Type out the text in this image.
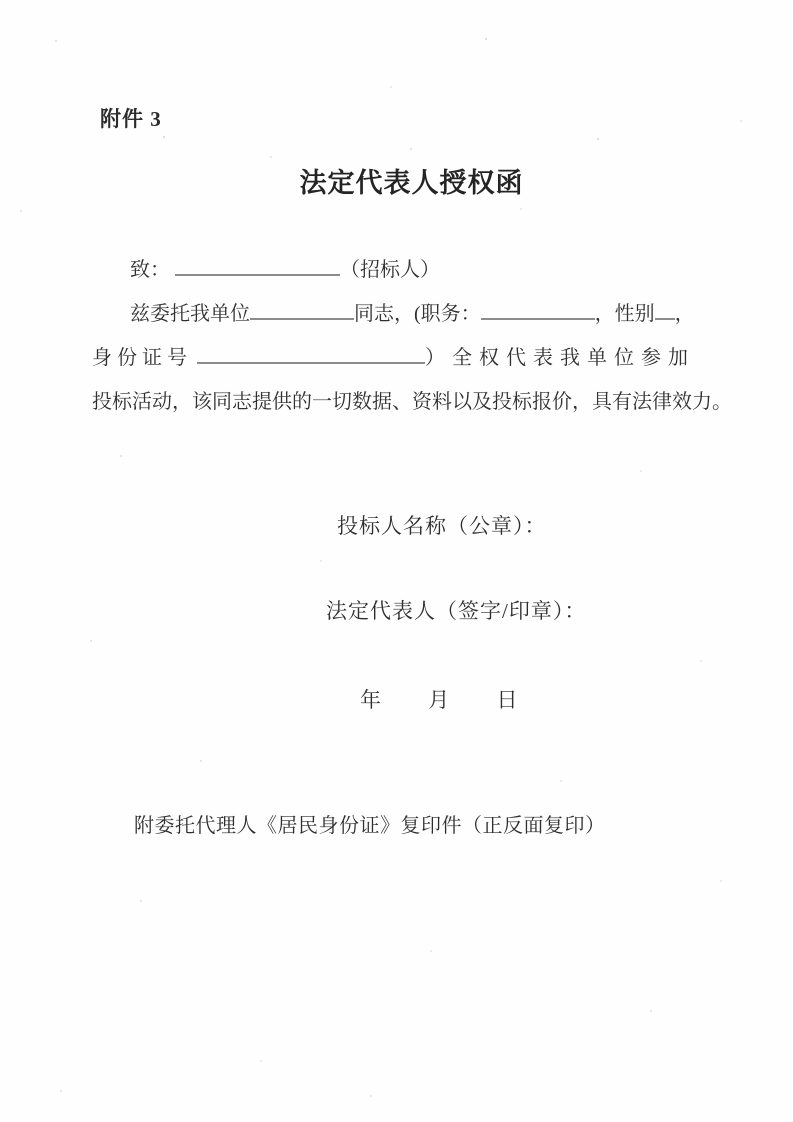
附件 3
法定代表人授权函
致：	（招标人）
兹委托我单位	同志，(职务：	，性别 ，
身份证号	）全权代表我单位参加
投标活动，该同志提供的一切数据、资料以及投标报价，具有法律效力。
投标人名称（公章）：
法定代表人（签字/印章）：
年 月 日
附委托代理人《居民身份证》复印件（正反面复印）
